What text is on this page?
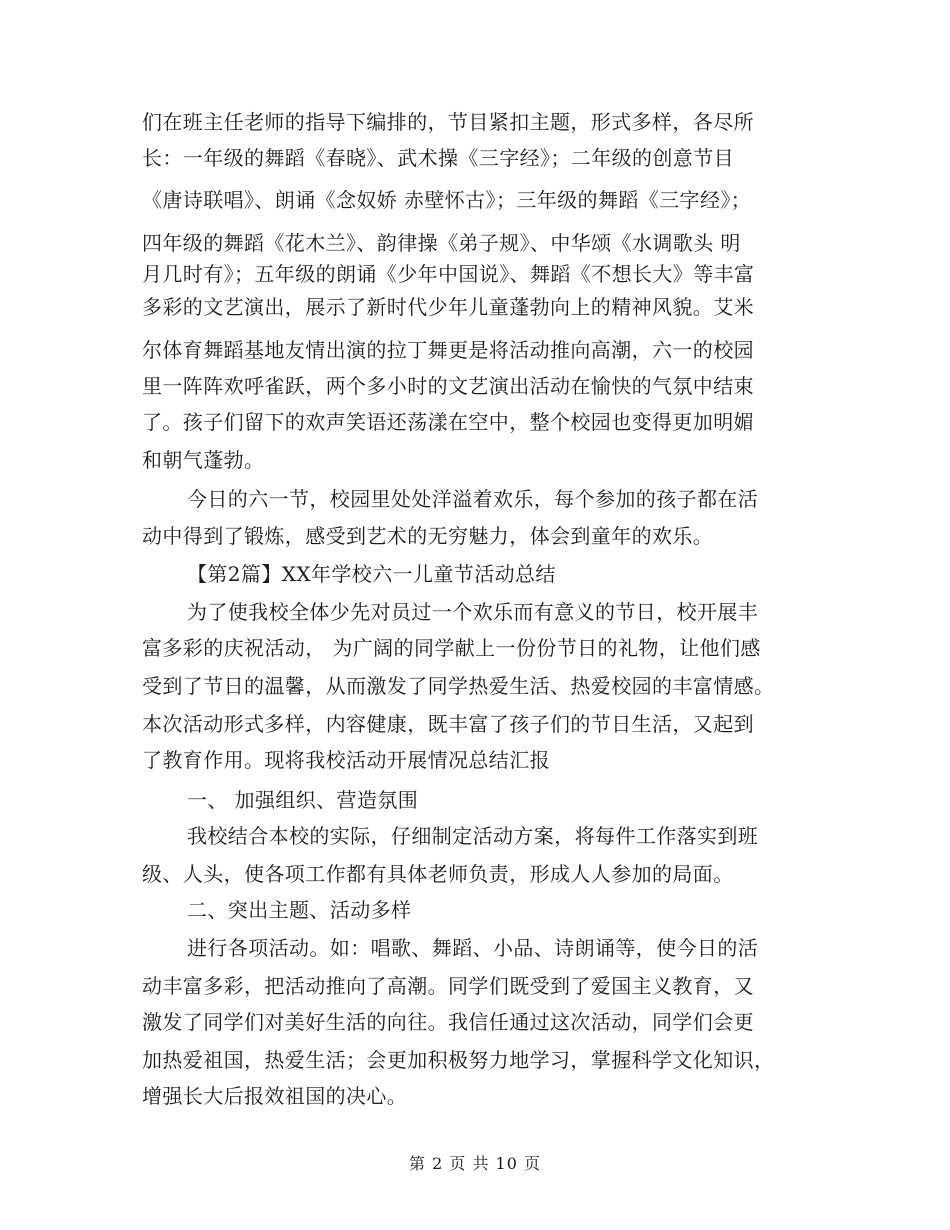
们在班主任老师的指导下编排的，节目紧扣主题，形式多样，各尽所
长：一年级的舞蹈《春晓》、武术操《三字经》；二年级的创意节目
《唐诗联唱》、朗诵《念奴娇 赤壁怀古》；三年级的舞蹈《三字经》；
四年级的舞蹈《花木兰》、韵律操《弟子规》、中华颂《水调歌头 明
月几时有》；五年级的朗诵《少年中国说》、舞蹈《不想长大》等丰富
多彩的文艺演出，展示了新时代少年儿童蓬勃向上的精神风貌。艾米
尔体育舞蹈基地友情出演的拉丁舞更是将活动推向高潮，六一的校园
里一阵阵欢呼雀跃，两个多小时的文艺演出活动在愉快的气氛中结束
了。孩子们留下的欢声笑语还荡漾在空中，整个校园也变得更加明媚
和朝气蓬勃。
今日的六一节，校园里处处洋溢着欢乐，每个参加的孩子都在活
动中得到了锻炼，感受到艺术的无穷魅力，体会到童年的欢乐。
【第2篇】XX年学校六一儿童节活动总结
为了使我校全体少先对员过一个欢乐而有意义的节日，校开展丰
富多彩的庆祝活动， 为广阔的同学献上一份份节日的礼物，让他们感
受到了节日的温馨，从而激发了同学热爱生活、热爱校园的丰富情感。
本次活动形式多样，内容健康，既丰富了孩子们的节日生活，又起到
了教育作用。现将我校活动开展情况总结汇报
一、 加强组织、营造氛围
我校结合本校的实际，仔细制定活动方案，将每件工作落实到班
级、人头，使各项工作都有具体老师负责，形成人人参加的局面。
二、突出主题、活动多样
进行各项活动。如：唱歌、舞蹈、小品、诗朗诵等，使今日的活
动丰富多彩，把活动推向了高潮。同学们既受到了爱国主义教育，又
激发了同学们对美好生活的向往。我信任通过这次活动，同学们会更
加热爱祖国，热爱生活；会更加积极努力地学习，掌握科学文化知识，
增强长大后报效祖国的决心。
第 2 页 共 10 页
